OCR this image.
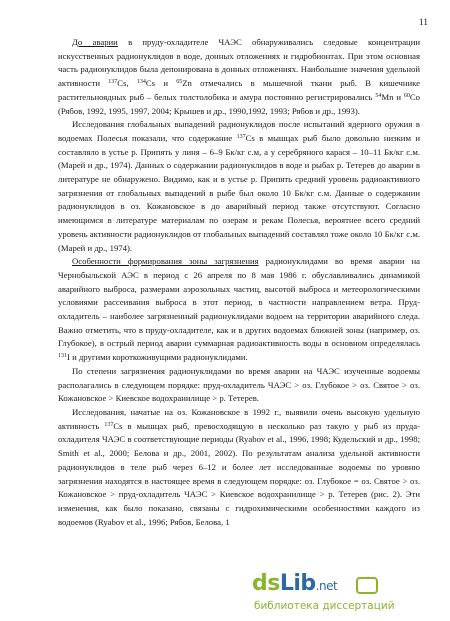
11

До аварии в пруду-охладителе ЧАЭС обнаруживались следовые концентрации искусственных радионуклидов в воде, донных отложениях и гидробионтах. При этом основная часть радионуклидов была депонирована в донных отложениях. Наибольшие значения удельной активности $^{137}$Cs, $^{134}$Cs и $^{65}$Zn отмечались в мышечной ткани рыб. В кишечнике растительноядных рыб – белых толстолобика и амура постоянно регистрировались $^{54}$Mn и $^{60}$Co (Рябов, 1992, 1995, 1997, 2004; Крышев и др., 1990,1992, 1993; Рябов и др., 1993).

Исследования глобальных выпадений радионуклидов после испытаний ядерного оружия в водоемах Полесья показали, что содержание $^{137}$Cs в мышцах рыб было довольно низким и составляло в устье р. Припять у линя – 6–9 Бк/кг с.м, а у серебряного карася – 10–11 Бк/кг с.м. (Марей и др., 1974). Данных о содержании радионуклидов в воде и рыбах р. Тетерев до аварии в литературе не обнаружено. Видимо, как и в устье р. Припять средний уровень радиоактивного загрязнения от глобальных выпадений в рыбе был около 10 Бк/кг с.м. Данные о содержании радионуклидов в оз. Кожановское в до аварийный период также отсутствуют. Согласно имеющимся в литературе материалам по озерам и рекам Полесья, вероятнее всего средний уровень активности радионуклидов от глобальных выпадений составлял тоже около 10 Бк/кг с.м. (Марей и др., 1974).

Особенности формирования зоны загрязнения радионуклидами во время аварии на Чернобыльской АЭС в период с 26 апреля по 8 мая 1986 г. обуславливались динамикой аварийного выброса, размерами аэрозольных частиц, высотой выброса и метеорологическими условиями рассеивания выброса в этот период, в частности направлением ветра. Пруд-охладитель – наиболее загрязненный радионуклидами водоем на территории аварийного следа. Важно отметить, что в пруду-охладителе, как и в других водоемах ближней зоны (например, оз. Глубокое), в острый период аварии суммарная радиоактивность воды в основном определялась $^{131}$I и другими короткоживущими радионуклидами.

По степени загрязнения радионуклидами во время аварии на ЧАЭС изученные водоемы располагались в следующем порядке: пруд-охладитель ЧАЭС > оз. Глубокое > оз. Святое > оз. Кожановское > Киевское водохранилище > р. Тетерев.

Исследования, начатые на оз. Кожановское в 1992 г., выявили очень высокую удельную активность $^{137}$Cs в мышцах рыб, превосходящую в несколько раз такую у рыб из пруда-охладителя ЧАЭС в соответствующие периоды (Ryabov et al., 1996, 1998; Кудельский и др., 1998; Smith et al., 2000; Белова и др., 2001, 2002). По результатам анализа удельной активности радионуклидов в теле рыб через 6–12 и более лет исследованные водоемы по уровню загрязнения находятся в настоящее время в следующем порядке: оз. Глубокое = оз. Святое > оз. Кожановское > пруд-охладитель ЧАЭС > Киевское водохранилище > р. Тетерев (рис. 2). Эти изменения, как было показано, связаны с гидрохимическими особенностями каждого из водоемов (Ryabov et al., 1996; Рябов, Белова, 1

dsLib.net
библиотека диссертаций
